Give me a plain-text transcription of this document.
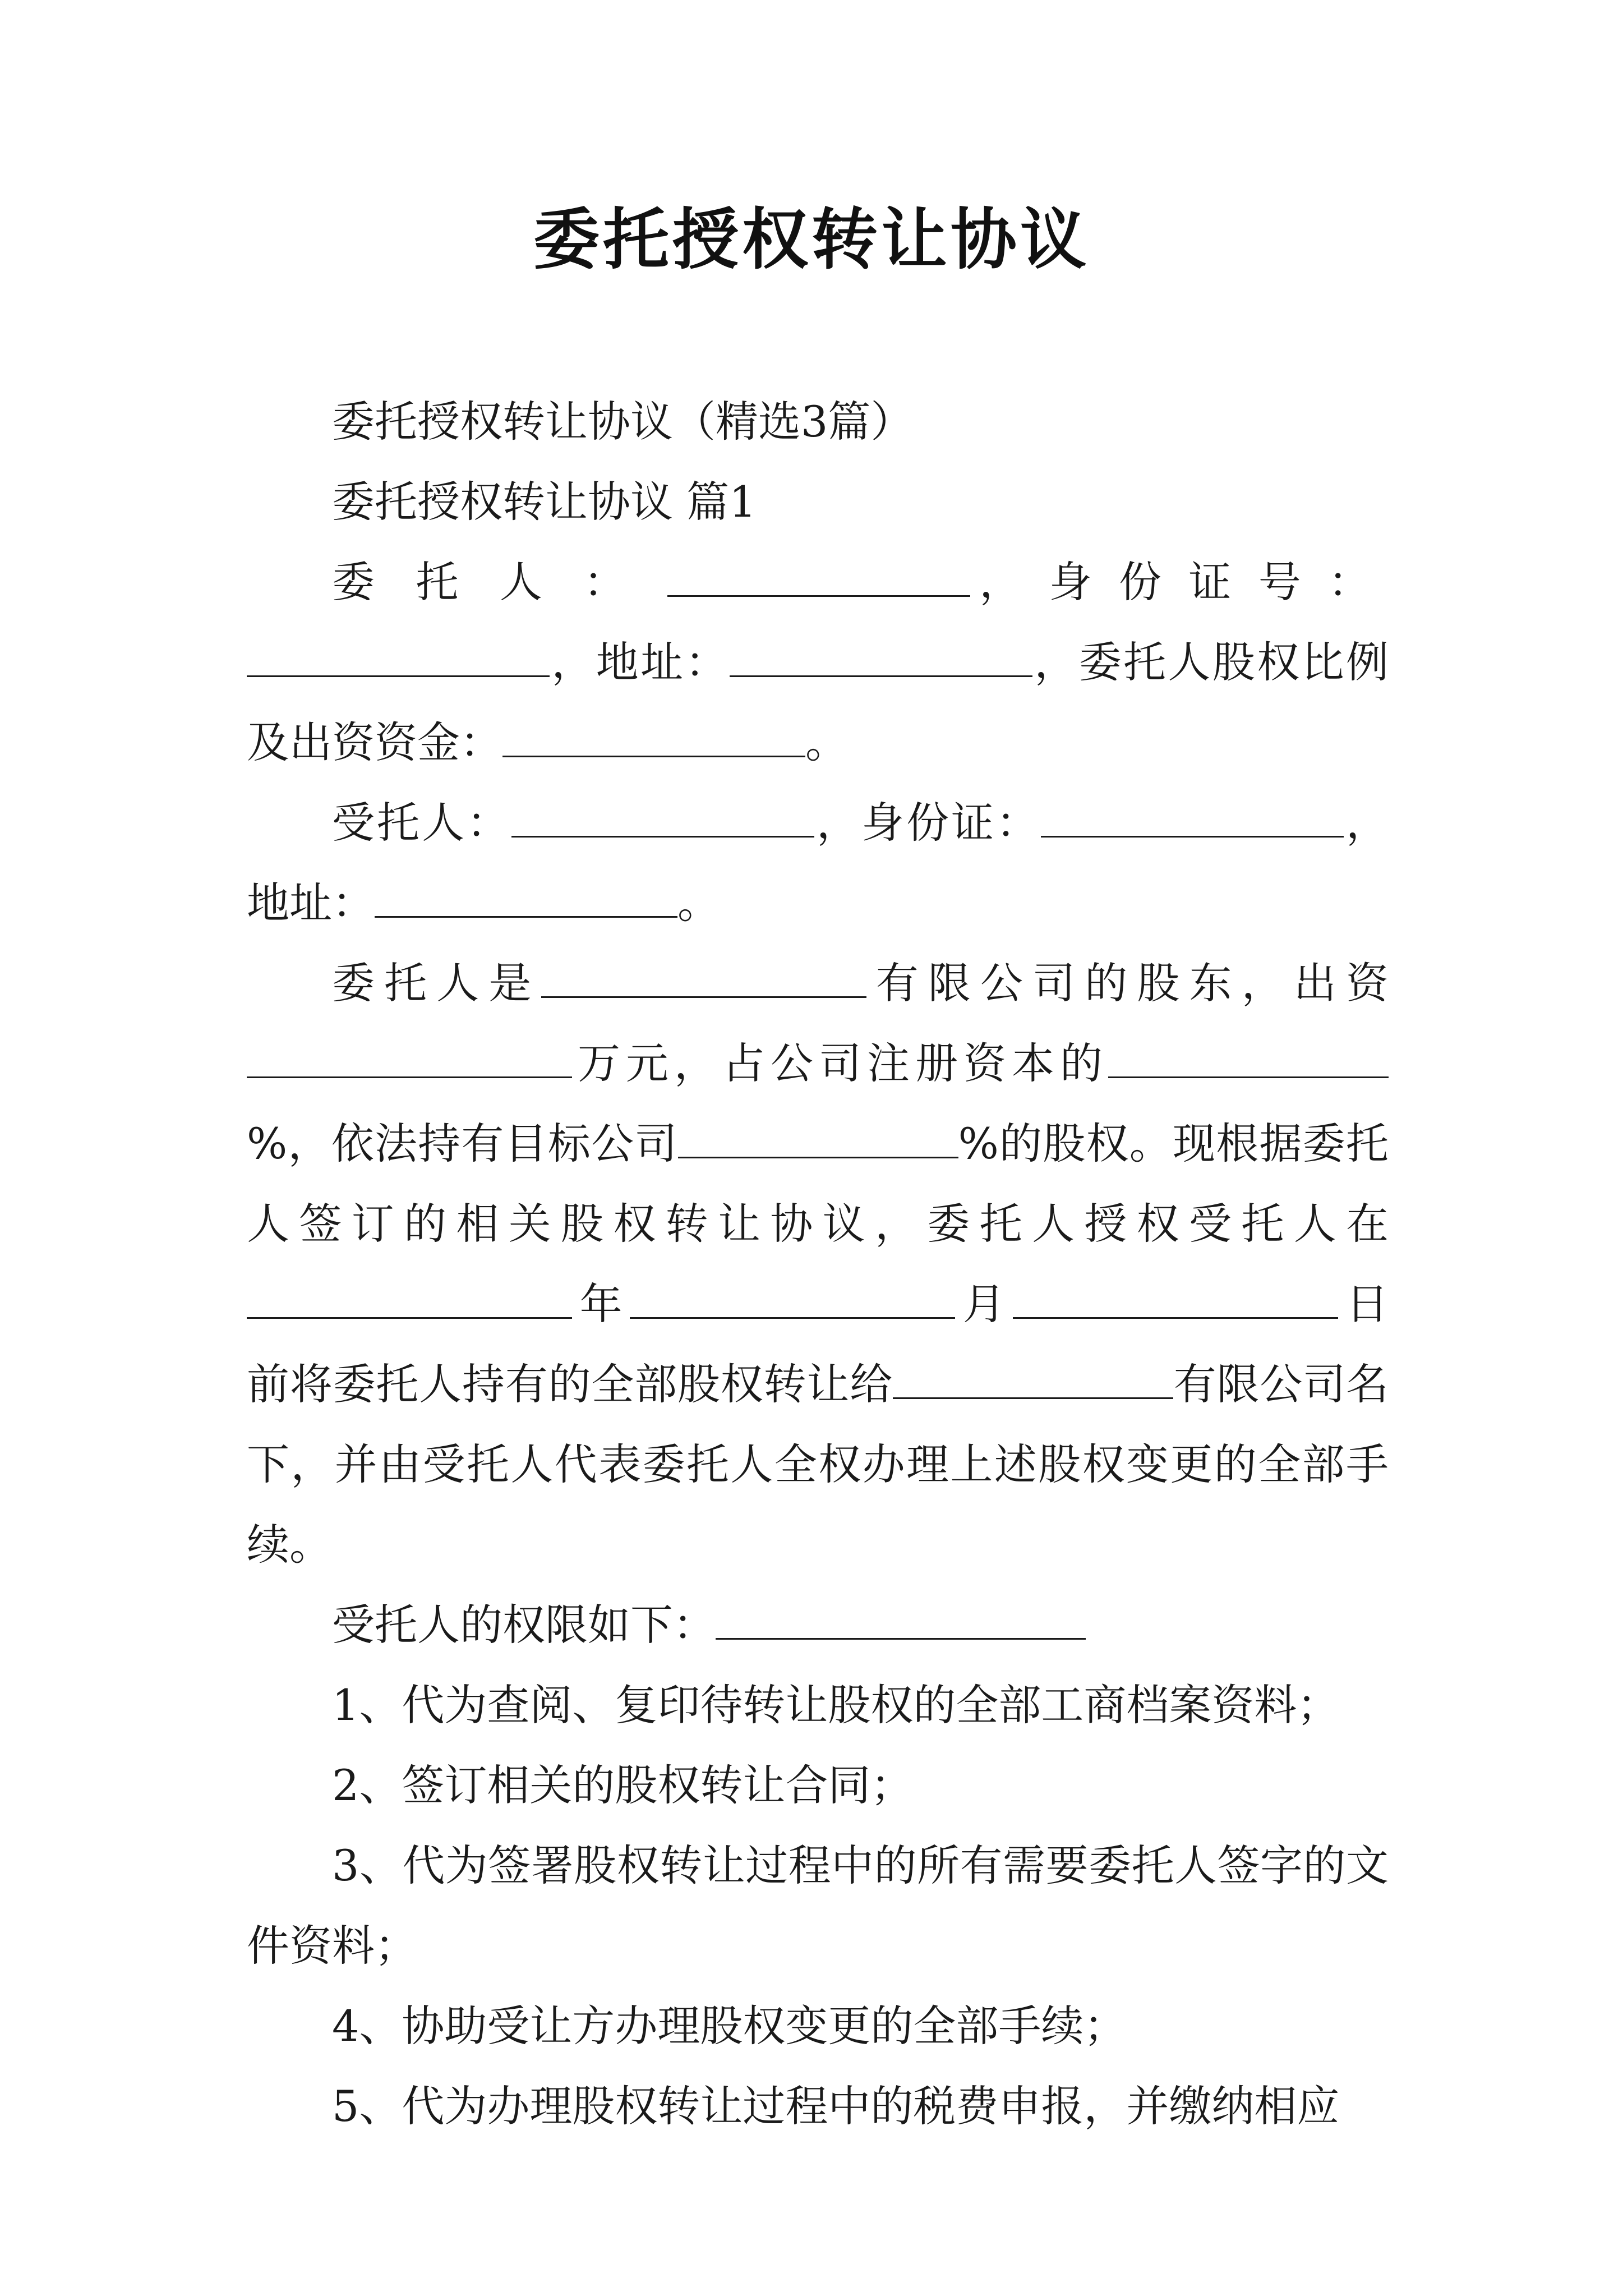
委托授权转让协议

委托授权转让协议（精选3篇）

委托授权转让协议 篇1

委托人：	，身份证号：，地址：	，委托人股权比例及出资资金：	。

受托人：	，身份证：	，地址：	。

委托人是	有限公司的股东，出资万元，占公司注册资本的%，依法持有目标公司	%的股权。现根据委托人签订的相关股权转让协议，委托人授权受托人在年	月	日前将委托人持有的全部股权转让给	有限公司名下，并由受托人代表委托人全权办理上述股权变更的全部手续。

受托人的权限如下：

1、代为查阅、复印待转让股权的全部工商档案资料；

2、签订相关的股权转让合同；

3、代为签署股权转让过程中的所有需要委托人签字的文件资料；

4、协助受让方办理股权变更的全部手续；

5、代为办理股权转让过程中的税费申报，并缴纳相应
